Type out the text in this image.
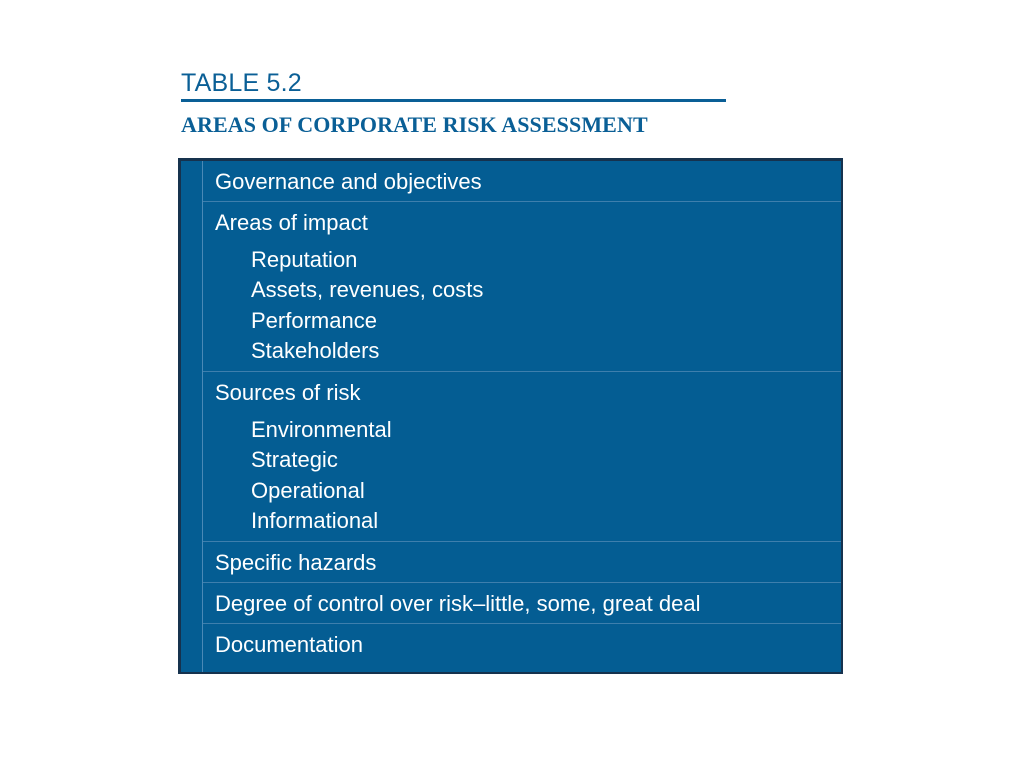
TABLE 5.2
AREAS OF CORPORATE RISK ASSESSMENT
Governance and objectives
Areas of impact
Reputation
Assets, revenues, costs
Performance
Stakeholders
Sources of risk
Environmental
Strategic
Operational
Informational
Specific hazards
Degree of control over risk–little, some, great deal
Documentation
